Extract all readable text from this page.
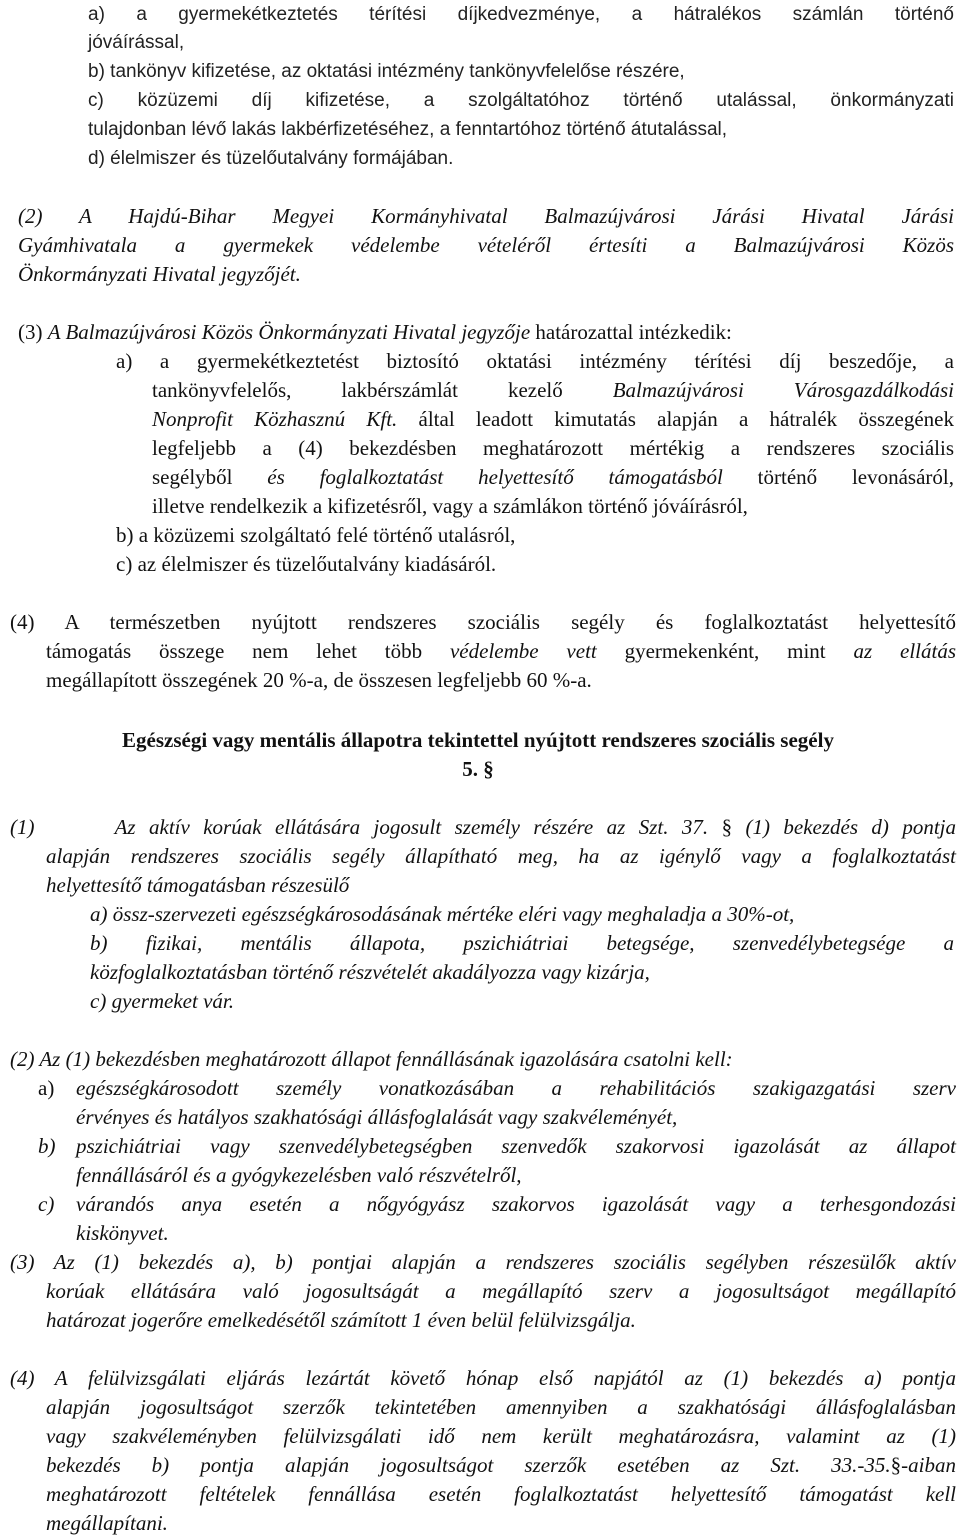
a) a gyermekétkeztetés térítési díjkedvezménye, a hátralékos számlán történő

jóváírással,

b) tankönyv kifizetése, az oktatási intézmény tankönyvfelelőse részére,

c) közüzemi díj kifizetése, a szolgáltatóhoz történő utalással, önkormányzati

tulajdonban lévő lakás lakbérfizetéséhez, a fenntartóhoz történő átutalással,

d) élelmiszer és tüzelőutalvány formájában.

(2) A Hajdú-Bihar Megyei Kormányhivatal Balmazújvárosi Járási Hivatal Járási

Gyámhivatala a gyermekek védelembe vételéről értesíti a Balmazújvárosi Közös

Önkormányzati Hivatal jegyzőjét.

(3) A Balmazújvárosi Közös Önkormányzati Hivatal jegyzője határozattal intézkedik:

a) a gyermekétkeztetést biztosító oktatási intézmény térítési díj beszedője, a

tankönyvfelelős, lakbérszámlát kezelő Balmazújvárosi Városgazdálkodási

Nonprofit Közhasznú Kft. által leadott kimutatás alapján a hátralék összegének

legfeljebb a (4) bekezdésben meghatározott mértékig a rendszeres szociális

segélyből és foglalkoztatást helyettesítő támogatásból történő levonásáról,

illetve rendelkezik a kifizetésről, vagy a számlákon történő jóváírásról,

b) a közüzemi szolgáltató felé történő utalásról,

c) az élelmiszer és tüzelőutalvány kiadásáról.

(4) A természetben nyújtott rendszeres szociális segély és foglalkoztatást helyettesítő

támogatás összege nem lehet több védelembe vett gyermekenként, mint az ellátás

megállapított összegének 20 %-a, de összesen legfeljebb 60 %-a.

Egészségi vagy mentális állapotra tekintettel nyújtott rendszeres szociális segély

5. §

(1)      Az aktív korúak ellátására jogosult személy részére az Szt. 37. § (1) bekezdés d) pontja

alapján rendszeres szociális segély állapítható meg, ha az igénylő vagy a foglalkoztatást

helyettesítő támogatásban részesülő

a) össz-szervezeti egészségkárosodásának mértéke eléri vagy meghaladja a 30%-ot,

b) fizikai, mentális állapota, pszichiátriai betegsége, szenvedélybetegsége a

közfoglalkoztatásban történő részvételét akadályozza vagy kizárja,

c) gyermeket vár.

(2) Az (1) bekezdésben meghatározott állapot fennállásának igazolására csatolni kell:

a) egészségkárosodott személy vonatkozásában a rehabilitációs szakigazgatási szerv

érvényes és hatályos szakhatósági állásfoglalását vagy szakvéleményét,

b) pszichiátriai vagy szenvedélybetegségben szenvedők szakorvosi igazolását az állapot

fennállásáról és a gyógykezelésben való részvételről,

c) várandós anya esetén a nőgyógyász szakorvos igazolását vagy a terhesgondozási

kiskönyvet.

(3) Az (1) bekezdés a), b) pontjai alapján a rendszeres szociális segélyben részesülők aktív

korúak ellátására való jogosultságát a megállapító szerv a jogosultságot megállapító

határozat jogerőre emelkedésétől számított 1 éven belül felülvizsgálja.

(4) A felülvizsgálati eljárás lezártát követő hónap első napjától az (1) bekezdés a) pontja

alapján jogosultságot szerzők tekintetében amennyiben a szakhatósági állásfoglalásban

vagy szakvéleményben felülvizsgálati idő nem került meghatározásra, valamint az (1)

bekezdés b) pontja alapján jogosultságot szerzők esetében az Szt. 33.-35.§-aiban

meghatározott feltételek fennállása esetén foglalkoztatást helyettesítő támogatást kell

megállapítani.
